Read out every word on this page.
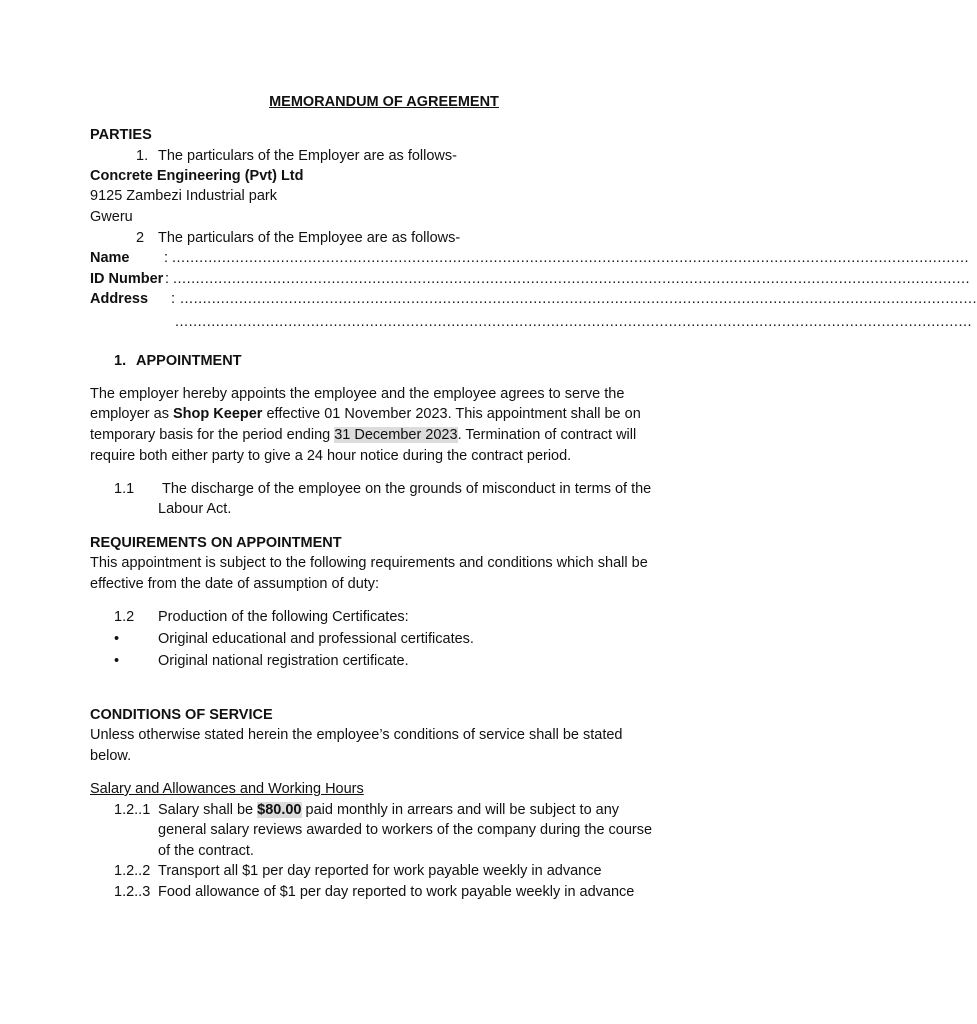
MEMORANDUM OF AGREEMENT
PARTIES
1. The particulars of the Employer are as follows-
Concrete Engineering (Pvt) Ltd
9125 Zambezi Industrial park
Gweru
2 The particulars of the Employee are as follows-
Name : ................................................................................................................................................................................
ID Number : ................................................................................................................................................................................
Address : ................................................................................................................................................................................
................................................................................................................................................................................
1. APPOINTMENT
The employer hereby appoints the employee and the employee agrees to serve the
employer as Shop Keeper effective 01 November 2023. This appointment shall be on
temporary basis for the period ending 31 December 2023. Termination of contract will
require both either party to give a 24 hour notice during the contract period.
1.1 The discharge of the employee on the grounds of misconduct in terms of the
Labour Act.
REQUIREMENTS ON APPOINTMENT
This appointment is subject to the following requirements and conditions which shall be
effective from the date of assumption of duty:
1.2 Production of the following Certificates:
•	Original educational and professional certificates.
•	Original national registration certificate.
CONDITIONS OF SERVICE
Unless otherwise stated herein the employee’s conditions of service shall be stated
below.
Salary and Allowances and Working Hours
1.2..1 Salary shall be $80.00 paid monthly in arrears and will be subject to any
general salary reviews awarded to workers of the company during the course
of the contract.
1.2..2 Transport all $1 per day reported for work payable weekly in advance
1.2..3 Food allowance of $1 per day reported to work payable weekly in advance
